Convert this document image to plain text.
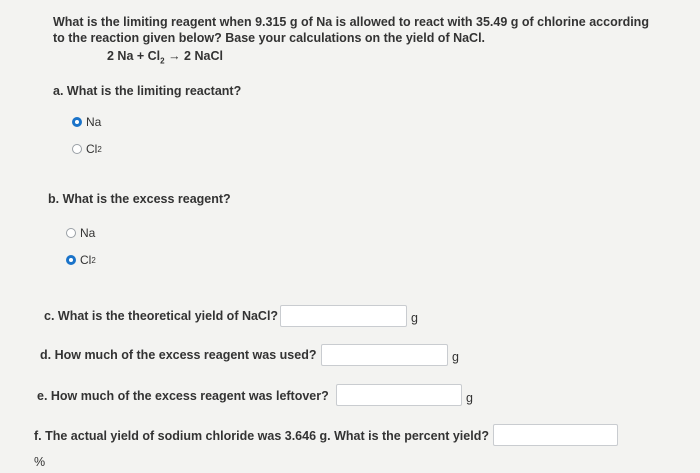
What is the limiting reagent when 9.315 g of Na is allowed to react with 35.49 g of chlorine according
to the reaction given below? Base your calculations on the yield of NaCl.
2 $Na + Cl_2 \to 2$ NaCl
a. What is the limiting reactant?
Na
Cl 2
b. What is the excess reagent?
Na
Cl 2
c. What is the theoretical yield of NaCl?	g
d. How much of the excess reagent was used?	g
e. How much of the excess reagent was leftover?	g
f. The actual yield of sodium chloride was 3.646 g. What is the percent yield?
%
